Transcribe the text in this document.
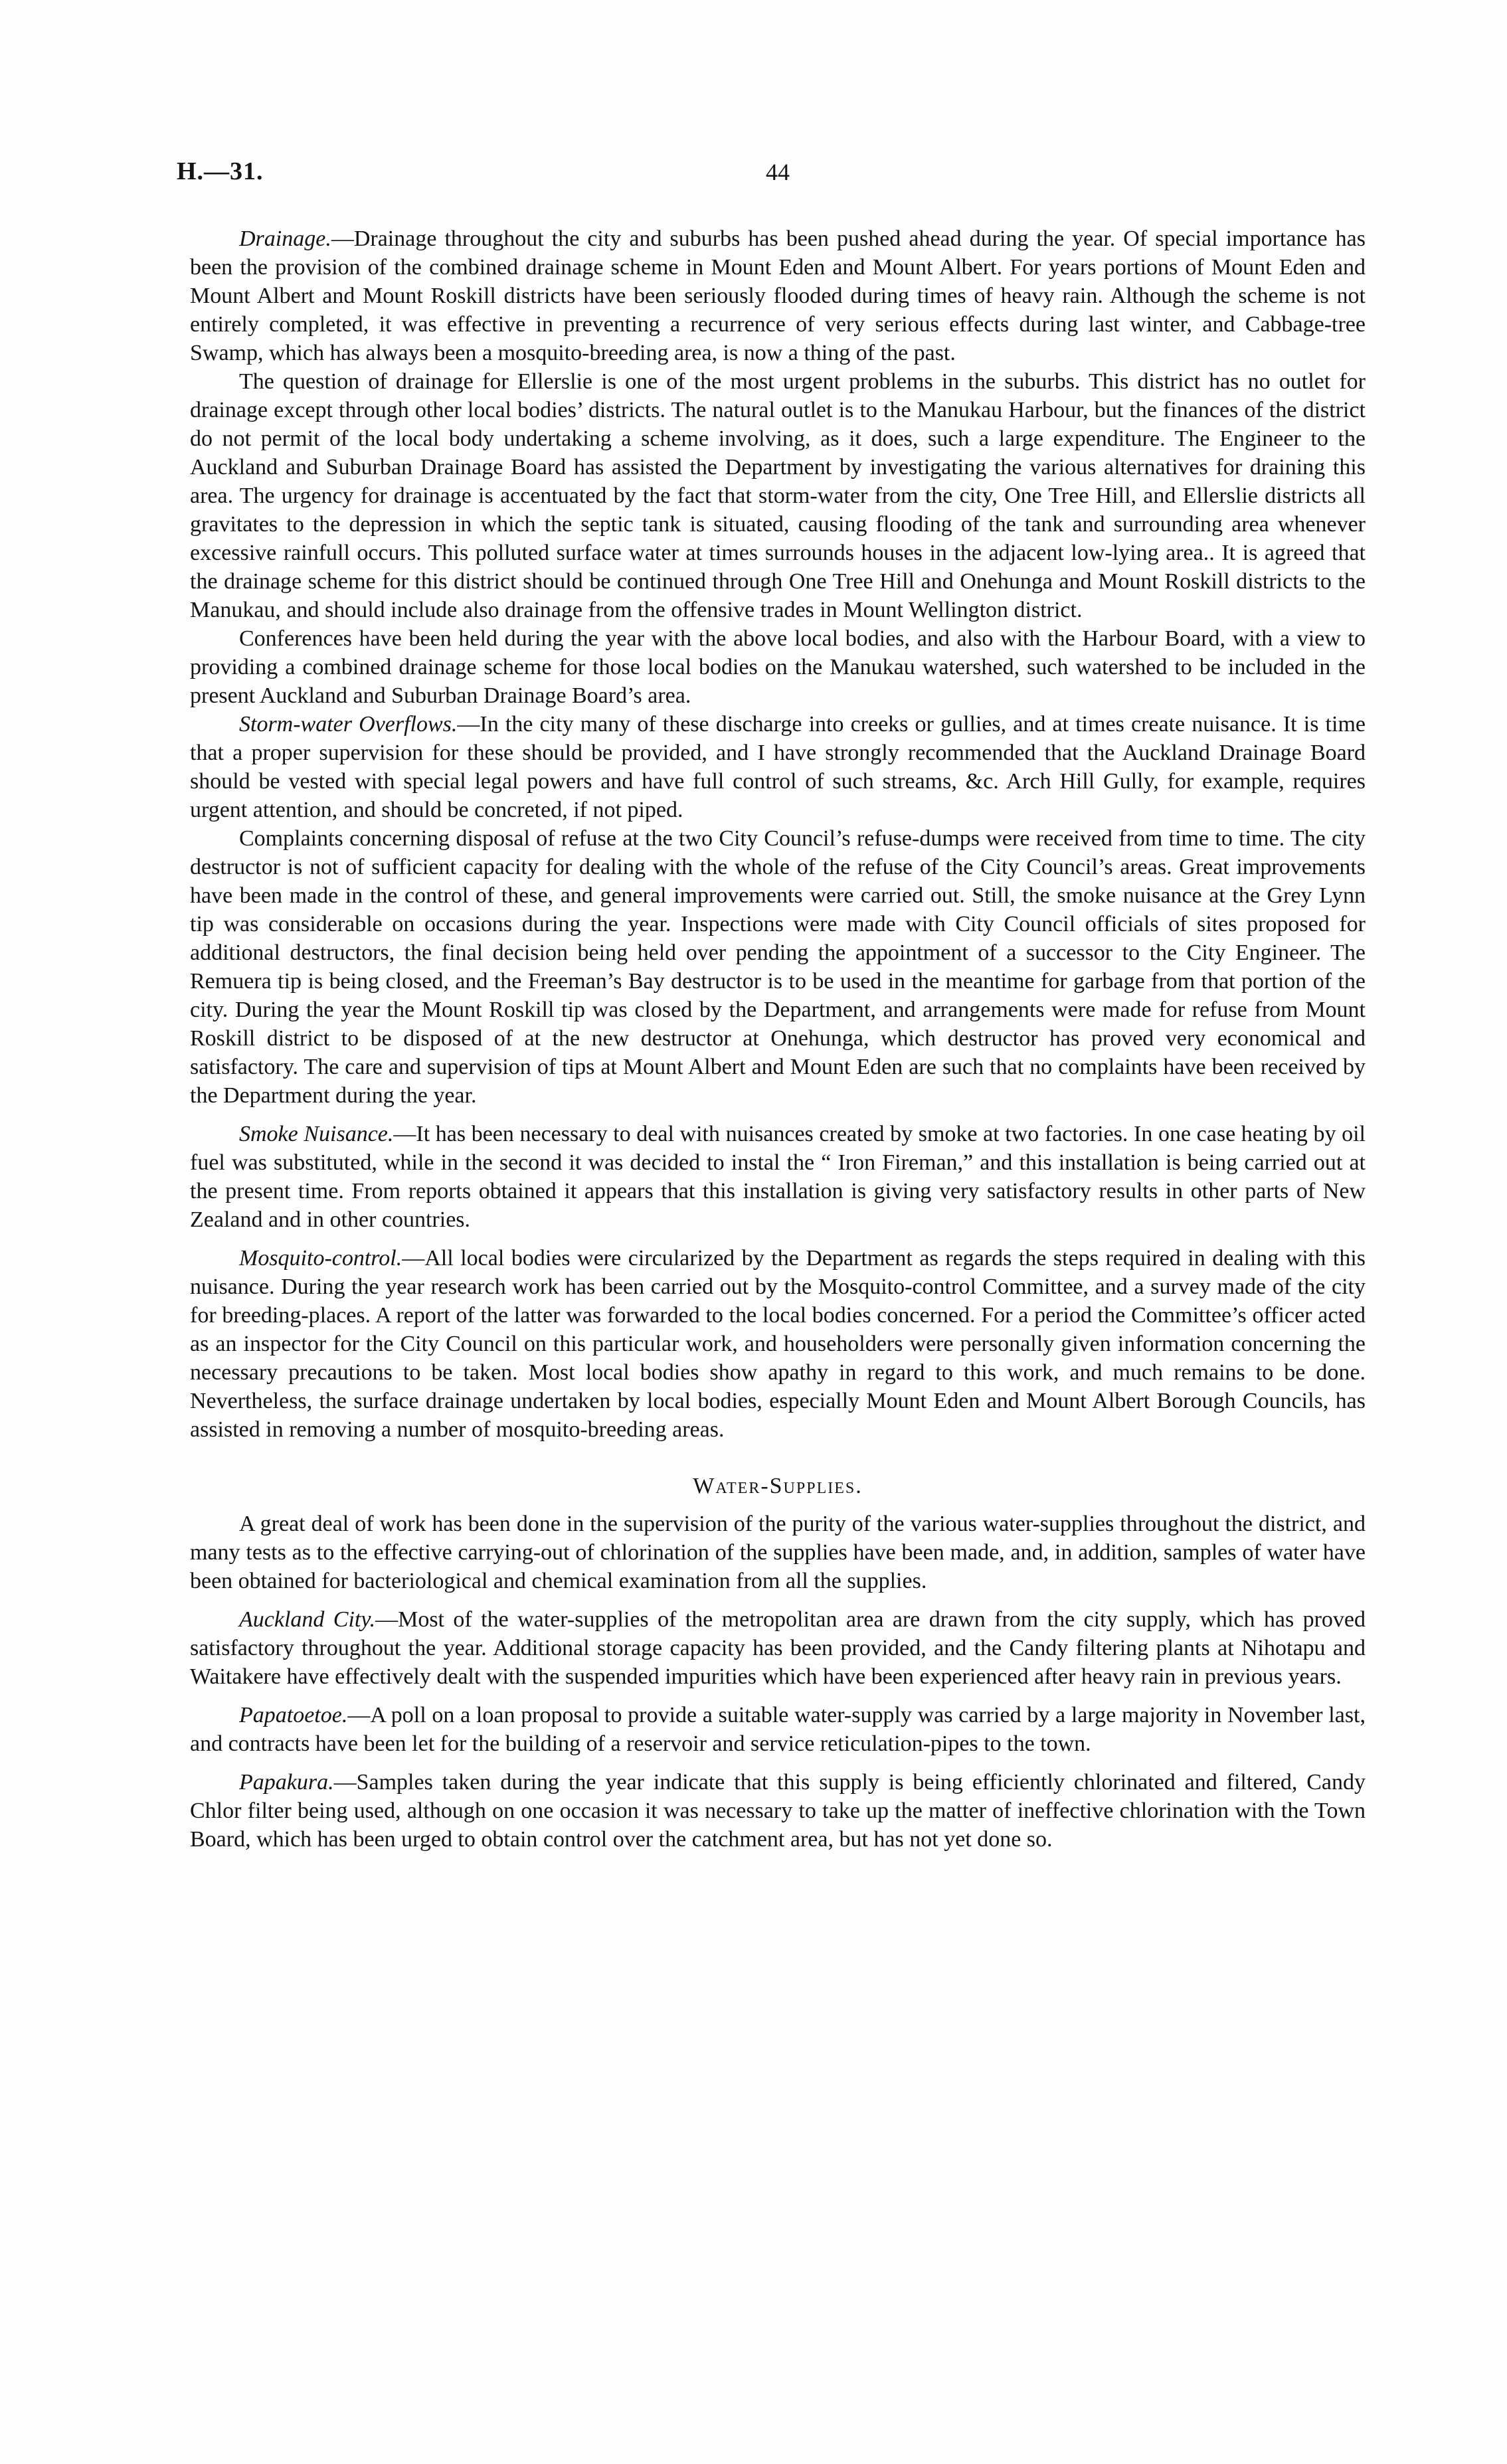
H.—31.	44

Drainage.—Drainage throughout the city and suburbs has been pushed ahead during the year. Of special importance has been the provision of the combined drainage scheme in Mount Eden and Mount Albert. For years portions of Mount Eden and Mount Albert and Mount Roskill districts have been seriously flooded during times of heavy rain. Although the scheme is not entirely completed, it was effective in preventing a recurrence of very serious effects during last winter, and Cabbage-tree Swamp, which has always been a mosquito-breeding area, is now a thing of the past.

The question of drainage for Ellerslie is one of the most urgent problems in the suburbs. This district has no outlet for drainage except through other local bodies’ districts. The natural outlet is to the Manukau Harbour, but the finances of the district do not permit of the local body undertaking a scheme involving, as it does, such a large expenditure. The Engineer to the Auckland and Suburban Drainage Board has assisted the Department by investigating the various alternatives for draining this area. The urgency for drainage is accentuated by the fact that storm-water from the city, One Tree Hill, and Ellerslie districts all gravitates to the depression in which the septic tank is situated, causing flooding of the tank and surrounding area whenever excessive rainfull occurs. This polluted surface water at times surrounds houses in the adjacent low-lying area.. It is agreed that the drainage scheme for this district should be continued through One Tree Hill and Onehunga and Mount Roskill districts to the Manukau, and should include also drainage from the offensive trades in Mount Wellington district.

Conferences have been held during the year with the above local bodies, and also with the Harbour Board, with a view to providing a combined drainage scheme for those local bodies on the Manukau watershed, such watershed to be included in the present Auckland and Suburban Drainage Board’s area.

Storm-water Overflows.—In the city many of these discharge into creeks or gullies, and at times create nuisance. It is time that a proper supervision for these should be provided, and I have strongly recommended that the Auckland Drainage Board should be vested with special legal powers and have full control of such streams, &c. Arch Hill Gully, for example, requires urgent attention, and should be concreted, if not piped.

Complaints concerning disposal of refuse at the two City Council’s refuse-dumps were received from time to time. The city destructor is not of sufficient capacity for dealing with the whole of the refuse of the City Council’s areas. Great improvements have been made in the control of these, and general improvements were carried out. Still, the smoke nuisance at the Grey Lynn tip was considerable on occasions during the year. Inspections were made with City Council officials of sites proposed for additional destructors, the final decision being held over pending the appointment of a successor to the City Engineer. The Remuera tip is being closed, and the Freeman’s Bay destructor is to be used in the meantime for garbage from that portion of the city. During the year the Mount Roskill tip was closed by the Department, and arrangements were made for refuse from Mount Roskill district to be disposed of at the new destructor at Onehunga, which destructor has proved very economical and satisfactory. The care and supervision of tips at Mount Albert and Mount Eden are such that no complaints have been received by the Department during the year.

Smoke Nuisance.—It has been necessary to deal with nuisances created by smoke at two factories. In one case heating by oil fuel was substituted, while in the second it was decided to instal the “ Iron Fireman,” and this installation is being carried out at the present time. From reports obtained it appears that this installation is giving very satisfactory results in other parts of New Zealand and in other countries.

Mosquito-control.—All local bodies were circularized by the Department as regards the steps required in dealing with this nuisance. During the year research work has been carried out by the Mosquito-control Committee, and a survey made of the city for breeding-places. A report of the latter was forwarded to the local bodies concerned. For a period the Committee’s officer acted as an inspector for the City Council on this particular work, and householders were personally given information concerning the necessary precautions to be taken. Most local bodies show apathy in regard to this work, and much remains to be done. Nevertheless, the surface drainage undertaken by local bodies, especially Mount Eden and Mount Albert Borough Councils, has assisted in removing a number of mosquito-breeding areas.

Water-Supplies.

A great deal of work has been done in the supervision of the purity of the various water-supplies throughout the district, and many tests as to the effective carrying-out of chlorination of the supplies have been made, and, in addition, samples of water have been obtained for bacteriological and chemical examination from all the supplies.

Auckland City.—Most of the water-supplies of the metropolitan area are drawn from the city supply, which has proved satisfactory throughout the year. Additional storage capacity has been provided, and the Candy filtering plants at Nihotapu and Waitakere have effectively dealt with the suspended impurities which have been experienced after heavy rain in previous years.

Papatoetoe.—A poll on a loan proposal to provide a suitable water-supply was carried by a large majority in November last, and contracts have been let for the building of a reservoir and service reticulation-pipes to the town.

Papakura.—Samples taken during the year indicate that this supply is being efficiently chlorinated and filtered, Candy Chlor filter being used, although on one occasion it was necessary to take up the matter of ineffective chlorination with the Town Board, which has been urged to obtain control over the catchment area, but has not yet done so.
